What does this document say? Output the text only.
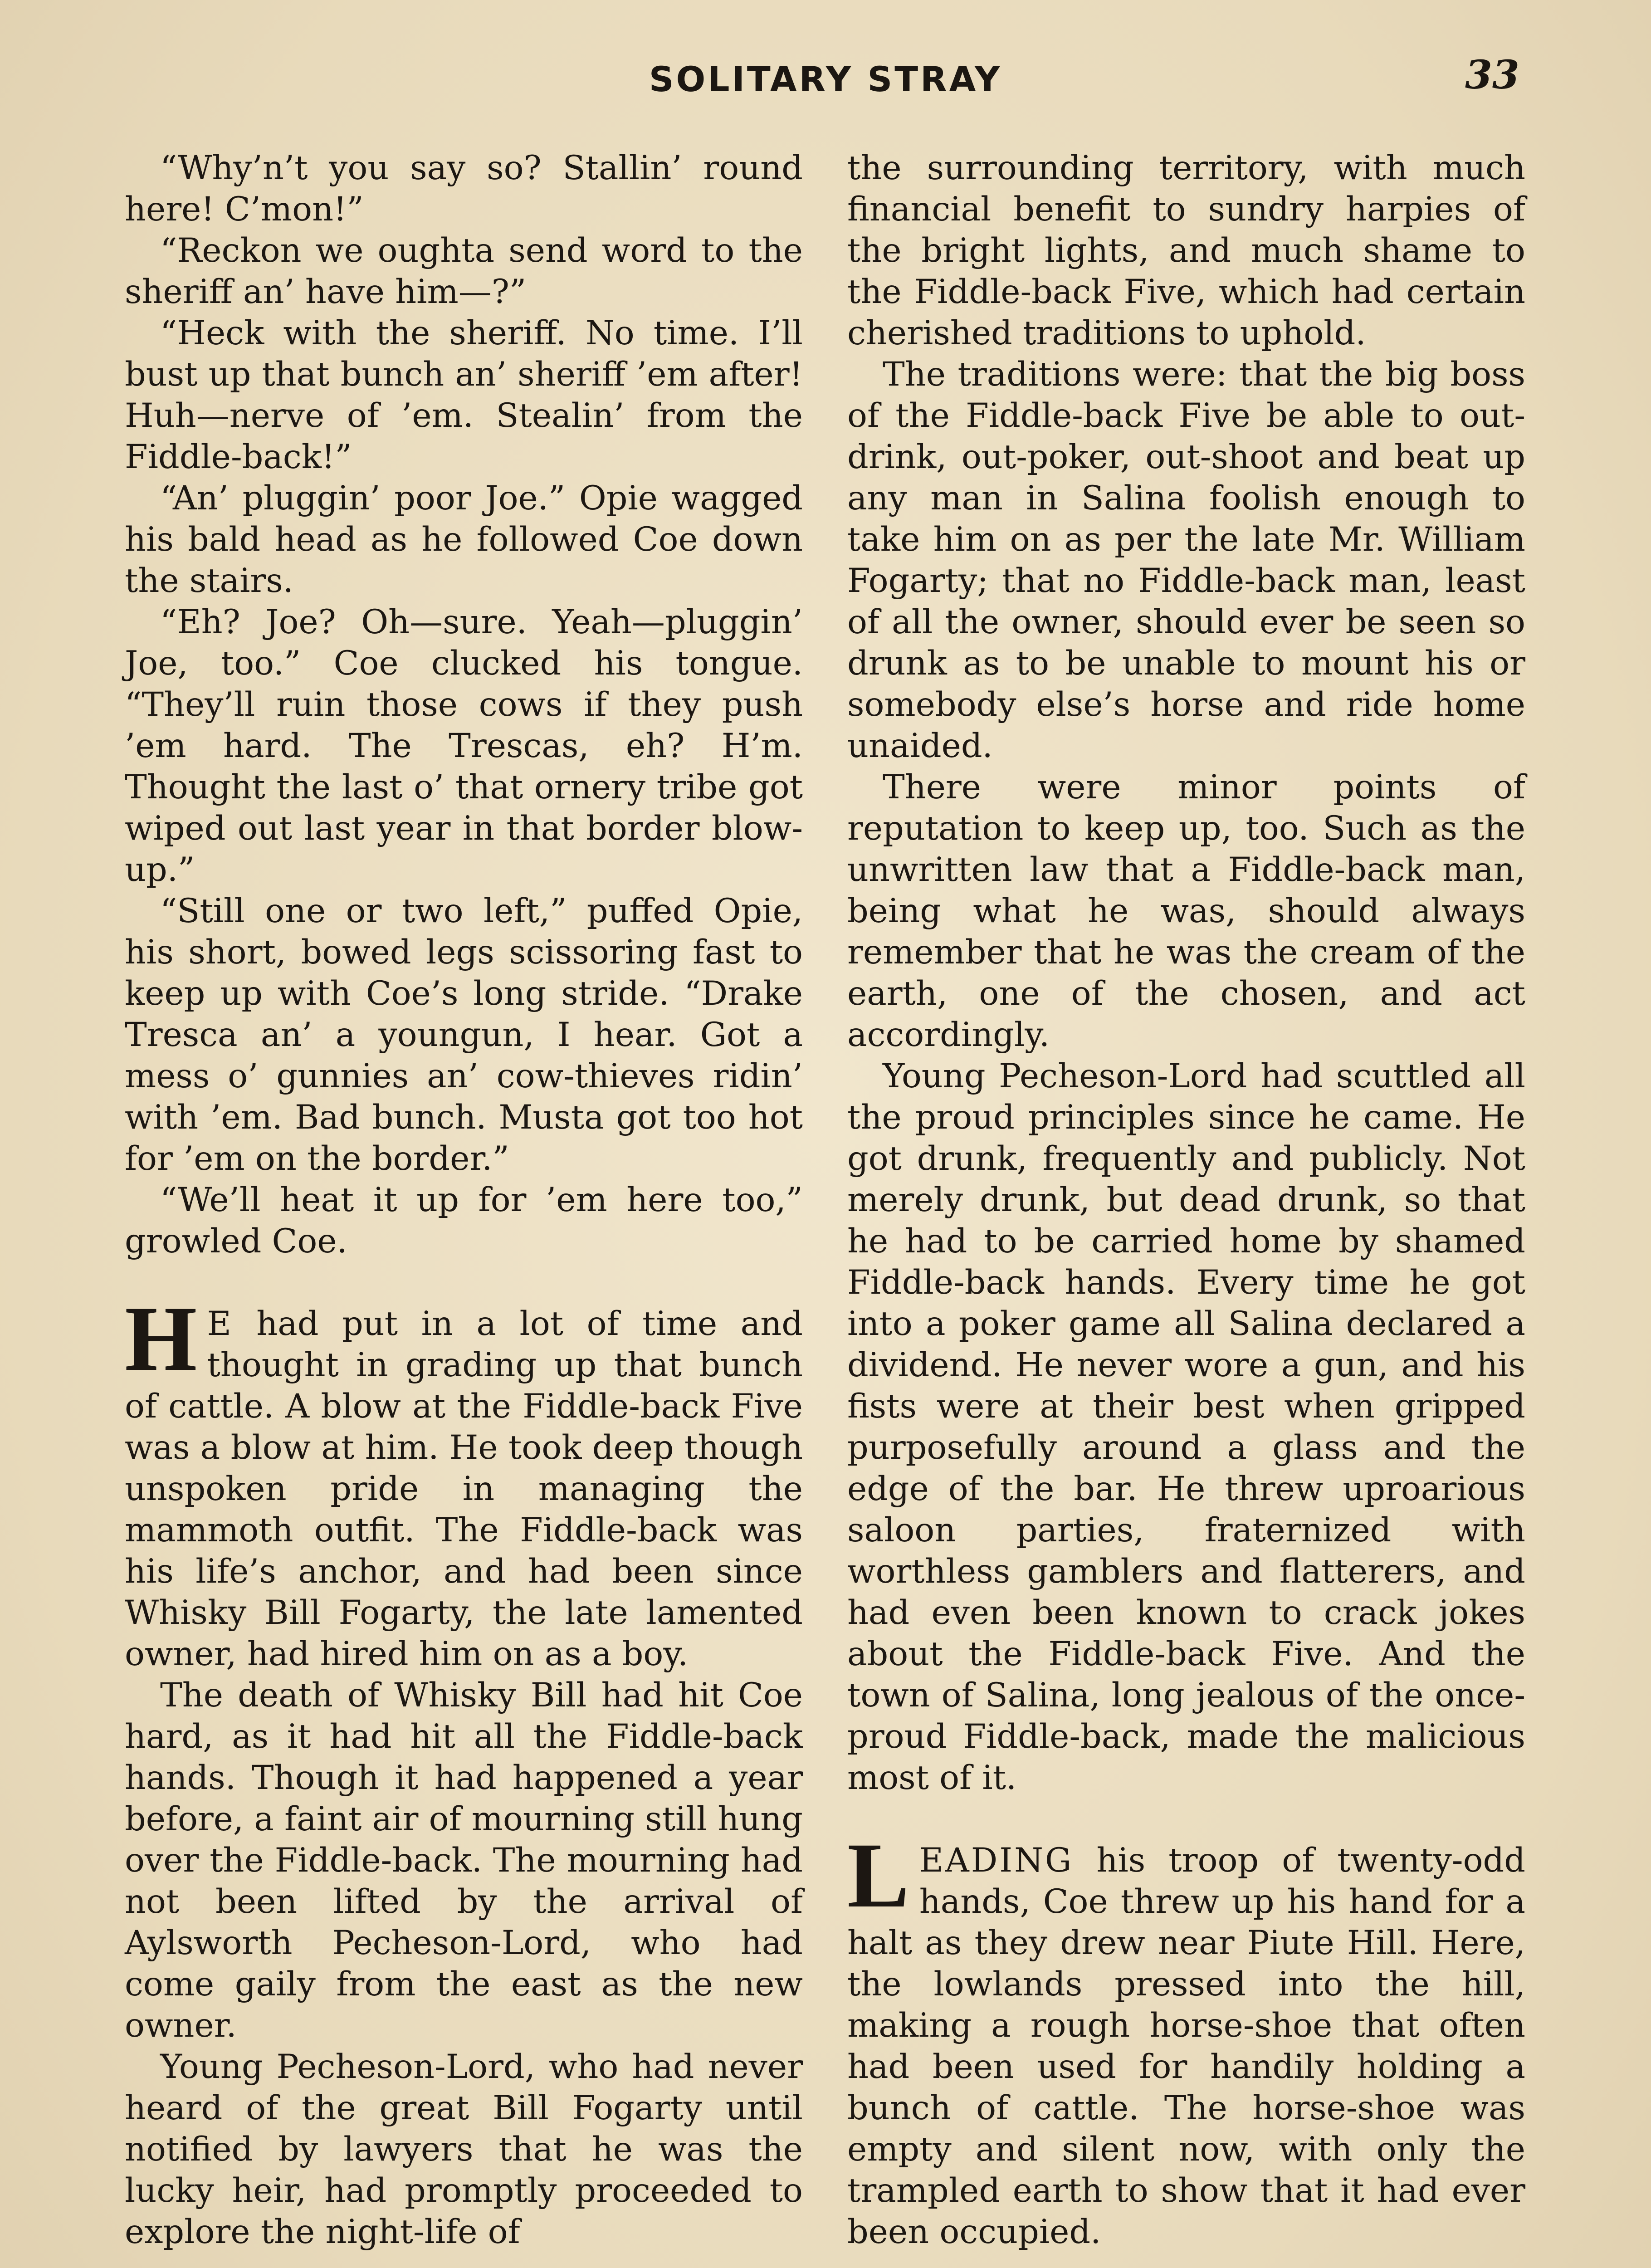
SOLITARY STRAY	33

“Why’n’t you say so? Stallin’ round here! C’mon!”

“Reckon we oughta send word to the sheriff an’ have him—?”

“Heck with the sheriff. No time. I’ll bust up that bunch an’ sheriff ’em after! Huh—nerve of ’em. Stealin’ from the Fiddle-back!”

“An’ pluggin’ poor Joe.” Opie wagged his bald head as he followed Coe down the stairs.

“Eh? Joe? Oh—sure. Yeah—pluggin’ Joe, too.” Coe clucked his tongue. “They’ll ruin those cows if they push ’em hard. The Trescas, eh? H’m. Thought the last o’ that ornery tribe got wiped out last year in that border blow-up.”

“Still one or two left,” puffed Opie, his short, bowed legs scissoring fast to keep up with Coe’s long stride. “Drake Tresca an’ a youngun, I hear. Got a mess o’ gunnies an’ cow-thieves ridin’ with ’em. Bad bunch. Musta got too hot for ’em on the border.”

“We’ll heat it up for ’em here too,” growled Coe.

H E had put in a lot of time and thought in grading up that bunch of cattle. A blow at the Fiddle-back Five was a blow at him. He took deep though unspoken pride in managing the mammoth outfit. The Fiddle-back was his life’s anchor, and had been since Whisky Bill Fogarty, the late lamented owner, had hired him on as a boy.

The death of Whisky Bill had hit Coe hard, as it had hit all the Fiddle-back hands. Though it had happened a year before, a faint air of mourning still hung over the Fiddle-back. The mourning had not been lifted by the arrival of Aylsworth Pecheson-Lord, who had come gaily from the east as the new owner.

Young Pecheson-Lord, who had never heard of the great Bill Fogarty until notified by lawyers that he was the lucky heir, had promptly proceeded to explore the night-life of

the surrounding territory, with much financial benefit to sundry harpies of the bright lights, and much shame to the Fiddle-back Five, which had certain cherished traditions to uphold.

The traditions were: that the big boss of the Fiddle-back Five be able to out-drink, out-poker, out-shoot and beat up any man in Salina foolish enough to take him on as per the late Mr. William Fogarty; that no Fiddle-back man, least of all the owner, should ever be seen so drunk as to be unable to mount his or somebody else’s horse and ride home unaided.

There were minor points of reputation to keep up, too. Such as the unwritten law that a Fiddle-back man, being what he was, should always remember that he was the cream of the earth, one of the chosen, and act accordingly.

Young Pecheson-Lord had scuttled all the proud principles since he came. He got drunk, frequently and publicly. Not merely drunk, but dead drunk, so that he had to be carried home by shamed Fiddle-back hands. Every time he got into a poker game all Salina declared a dividend. He never wore a gun, and his fists were at their best when gripped purposefully around a glass and the edge of the bar. He threw uproarious saloon parties, fraternized with worthless gamblers and flatterers, and had even been known to crack jokes about the Fiddle-back Five. And the town of Salina, long jealous of the once-proud Fiddle-back, made the malicious most of it.

LEADING his troop of twenty-odd hands, Coe threw up his hand for a halt as they drew near Piute Hill. Here, the lowlands pressed into the hill, making a rough horse-shoe that often had been used for handily holding a bunch of cattle. The horse-shoe was empty and silent now, with only the trampled earth to show that it had ever been occupied.
